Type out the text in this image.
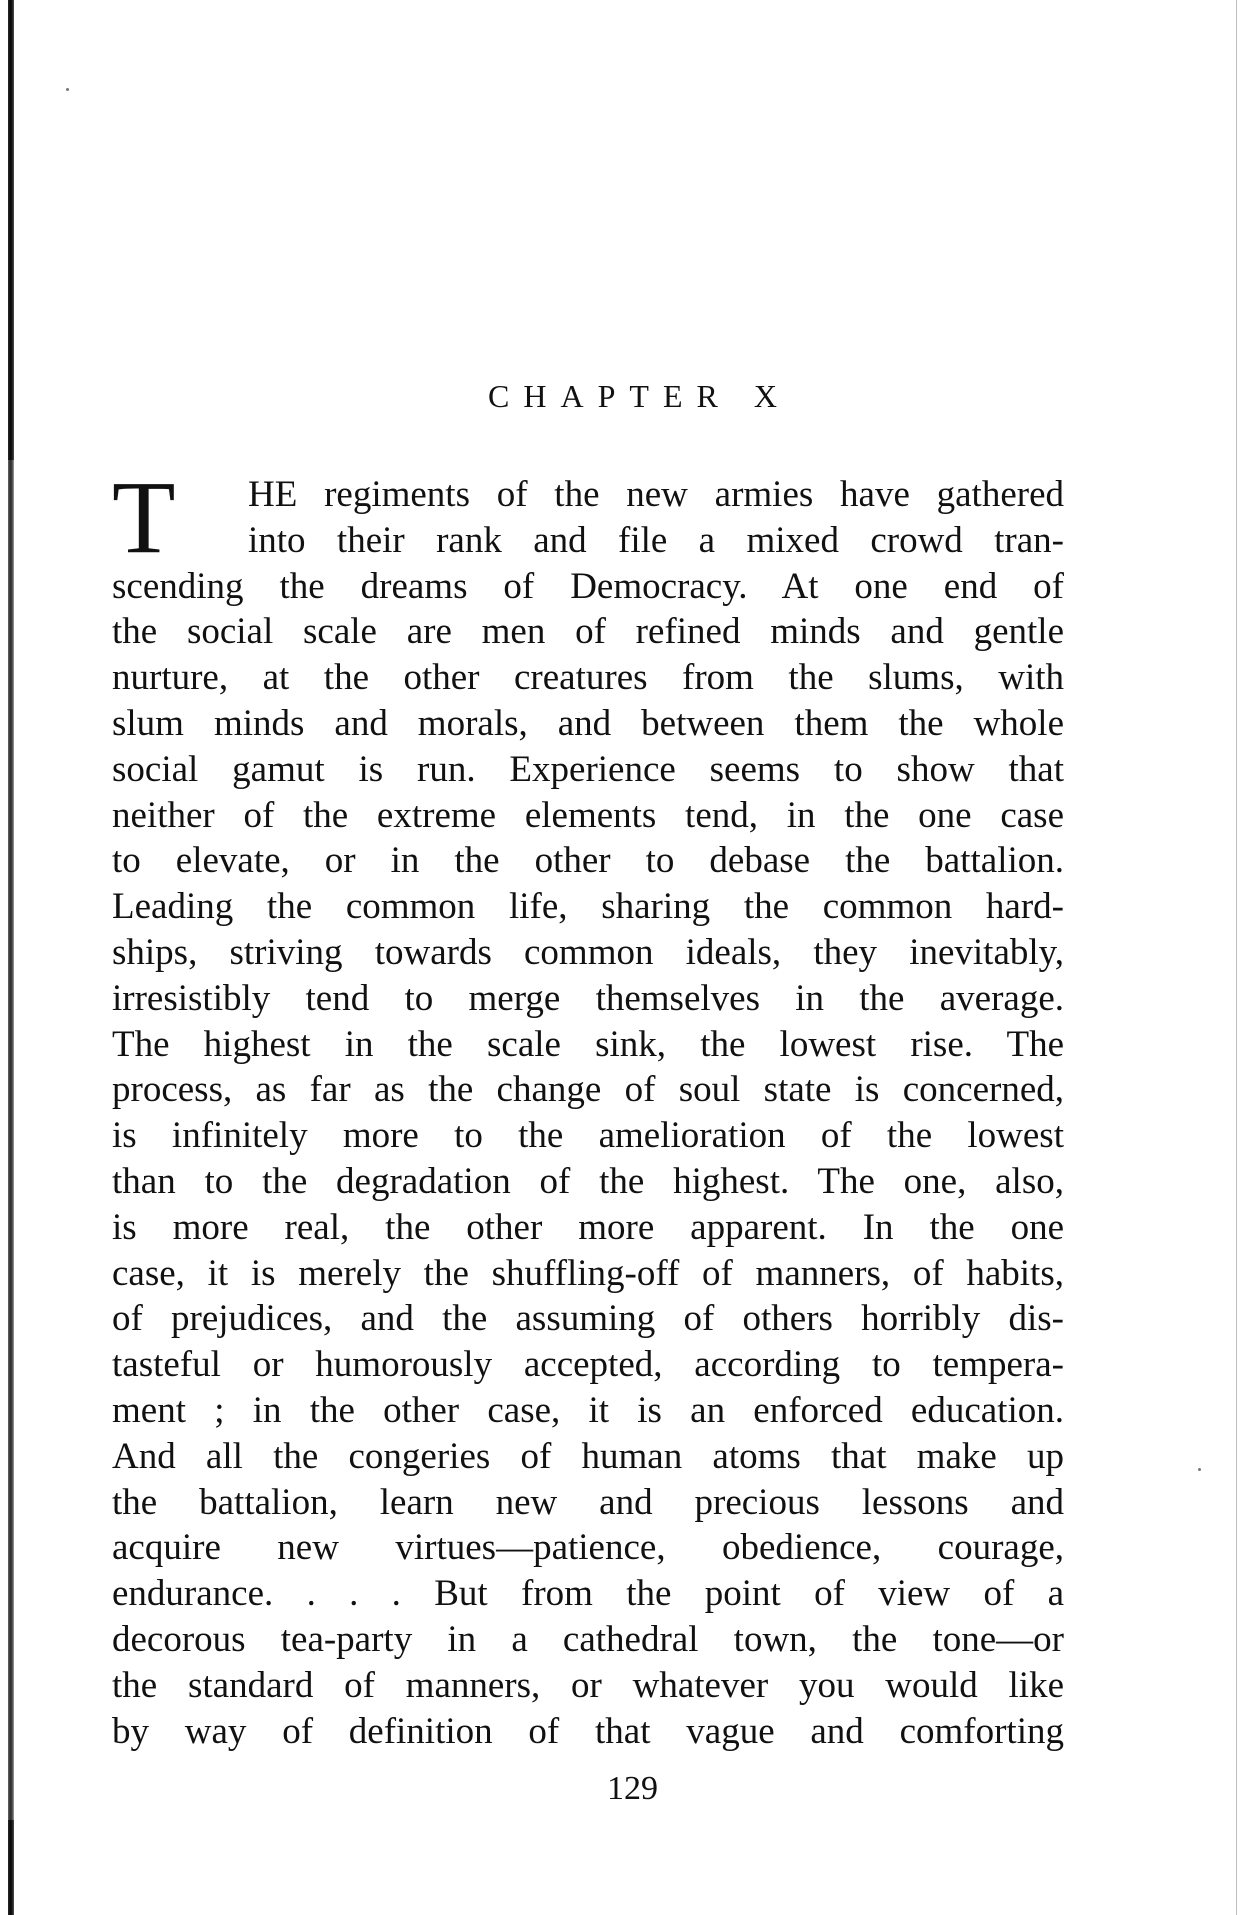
CHAPTER X
T	HE regiments of the new armies have gathered
into their rank and file a mixed crowd tran-
scending the dreams of Democracy. At one end of
the social scale are men of refined minds and gentle
nurture, at the other creatures from the slums, with
slum minds and morals, and between them the whole
social gamut is run. Experience seems to show that
neither of the extreme elements tend, in the one case
to elevate, or in the other to debase the battalion.
Leading the common life, sharing the common hard-
ships, striving towards common ideals, they inevitably,
irresistibly tend to merge themselves in the average.
The highest in the scale sink, the lowest rise. The
process, as far as the change of soul state is concerned,
is infinitely more to the amelioration of the lowest
than to the degradation of the highest. The one, also,
is more real, the other more apparent. In the one
case, it is merely the shuffling-off of manners, of habits,
of prejudices, and the assuming of others horribly dis-
tasteful or humorously accepted, according to tempera-
ment ; in the other case, it is an enforced education.
And all the congeries of human atoms that make up
the battalion, learn new and precious lessons and
acquire new virtues—patience, obedience, courage,
endurance. . . . But from the point of view of a
decorous tea-party in a cathedral town, the tone—or
the standard of manners, or whatever you would like
by way of definition of that vague and comforting
129
